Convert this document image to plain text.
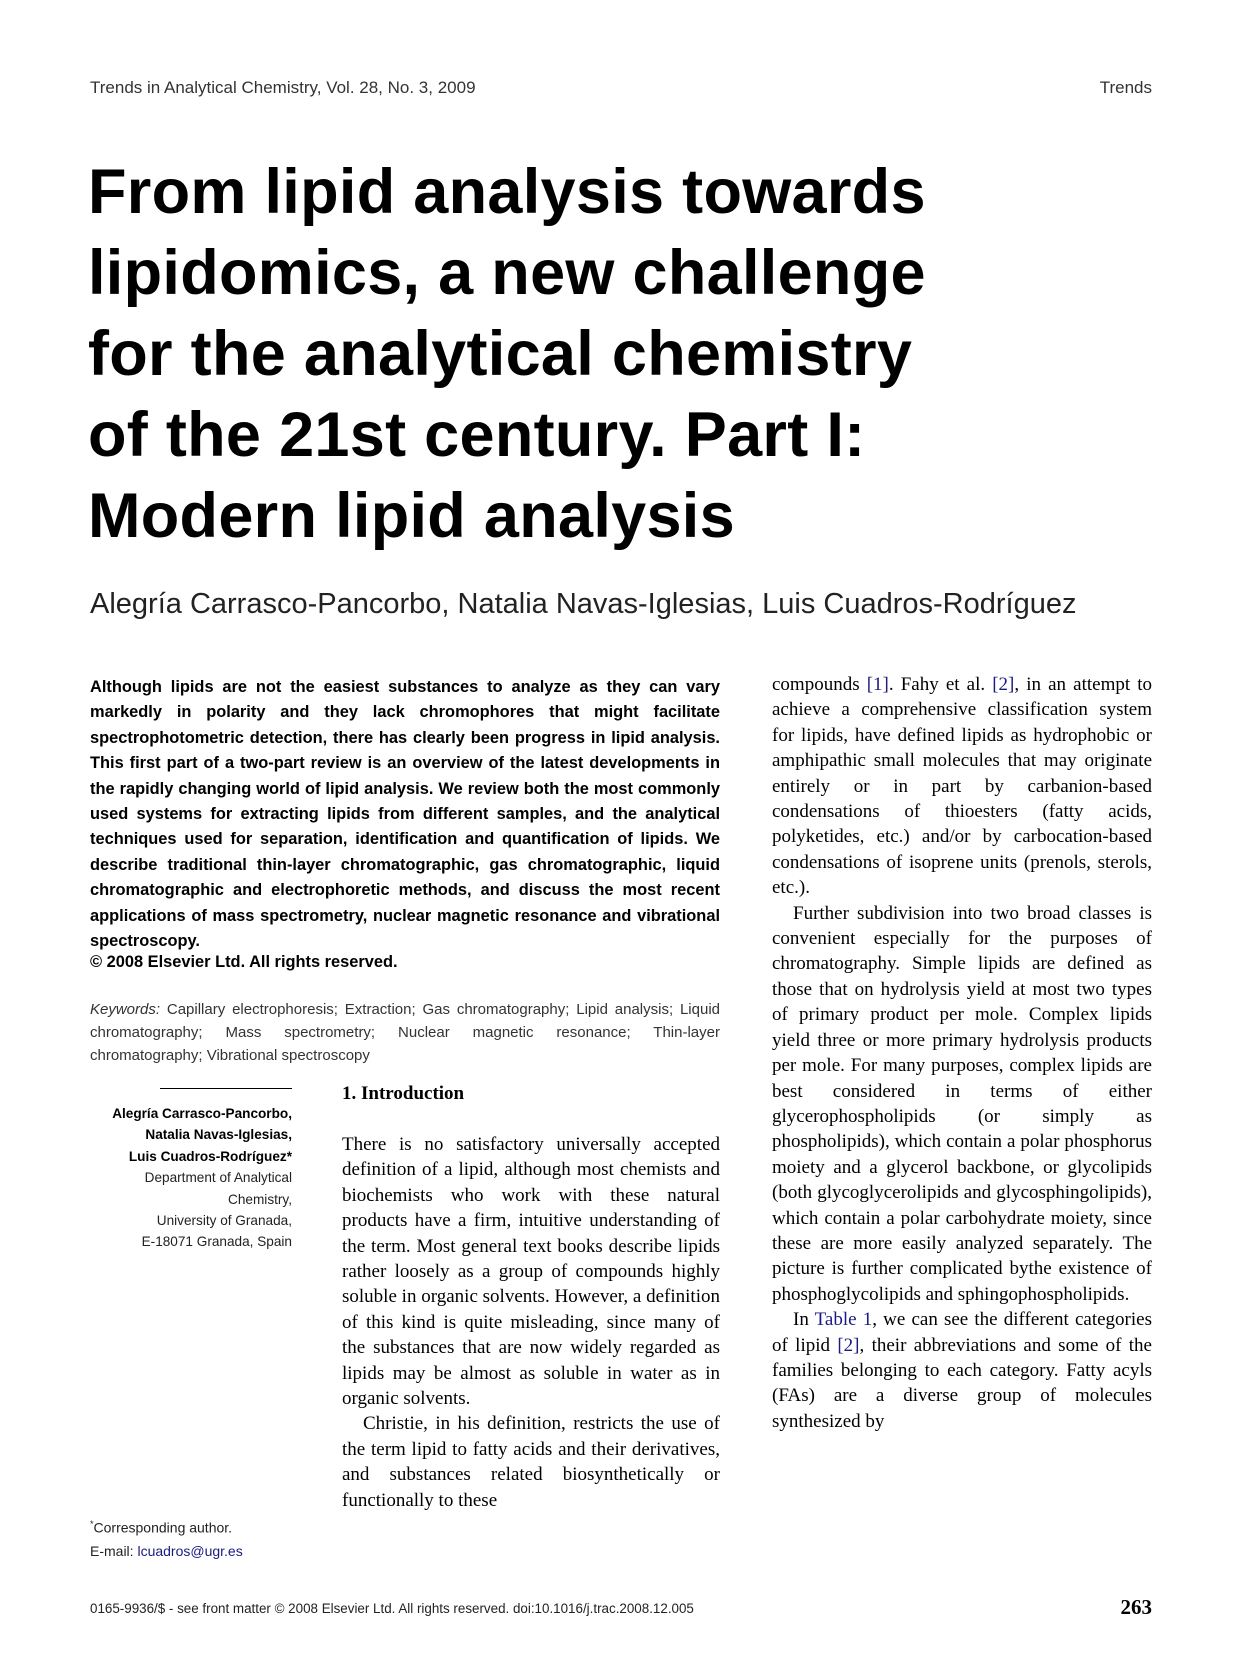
Trends in Analytical Chemistry, Vol. 28, No. 3, 2009	Trends
From lipid analysis towards lipidomics, a new challenge for the analytical chemistry of the 21st century. Part I: Modern lipid analysis

Alegría Carrasco-Pancorbo, Natalia Navas-Iglesias, Luis Cuadros-Rodríguez

Although lipids are not the easiest substances to analyze as they can vary markedly in polarity and they lack chromophores that might facilitate spectrophotometric detection, there has clearly been progress in lipid analysis. This first part of a two-part review is an overview of the latest developments in the rapidly changing world of lipid analysis. We review both the most commonly used systems for extracting lipids from different samples, and the analytical techniques used for separation, identification and quantification of lipids. We describe traditional thin-layer chromatographic, gas chromatographic, liquid chromatographic and electrophoretic methods, and discuss the most recent applications of mass spectrometry, nuclear magnetic resonance and vibrational spectroscopy.

© 2008 Elsevier Ltd. All rights reserved.

Keywords: Capillary electrophoresis; Extraction; Gas chromatography; Lipid analysis; Liquid chromatography; Mass spectrometry; Nuclear magnetic resonance; Thin-layer chromatography; Vibrational spectroscopy

Alegría Carrasco-Pancorbo,
Natalia Navas-Iglesias,
Luis Cuadros-Rodríguez*
Department of Analytical
Chemistry,
University of Granada,
E-18071 Granada, Spain
*Corresponding author.
E-mail: lcuadros@ugr.es
1. Introduction

There is no satisfactory universally accepted definition of a lipid, although most chemists and biochemists who work with these natural products have a firm, intuitive understanding of the term. Most general text books describe lipids rather loosely as a group of compounds highly soluble in organic solvents. However, a definition of this kind is quite misleading, since many of the substances that are now widely regarded as lipids may be almost as soluble in water as in organic solvents.

Christie, in his definition, restricts the use of the term lipid to fatty acids and their derivatives, and substances related biosynthetically or functionally to these

compounds [1]. Fahy et al. [2], in an attempt to achieve a comprehensive classification system for lipids, have defined lipids as hydrophobic or amphipathic small molecules that may originate entirely or in part by carbanion-based condensations of thioesters (fatty acids, polyketides, etc.) and/or by carbocation-based condensations of isoprene units (prenols, sterols, etc.).

Further subdivision into two broad classes is convenient especially for the purposes of chromatography. Simple lipids are defined as those that on hydrolysis yield at most two types of primary product per mole. Complex lipids yield three or more primary hydrolysis products per mole. For many purposes, complex lipids are best considered in terms of either glycerophospholipids (or simply as phospholipids), which contain a polar phosphorus moiety and a glycerol backbone, or glycolipids (both glycoglycerolipids and glycosphingolipids), which contain a polar carbohydrate moiety, since these are more easily analyzed separately. The picture is further complicated bythe existence of phosphoglycolipids and sphingophospholipids.

In Table 1, we can see the different categories of lipid [2], their abbreviations and some of the families belonging to each category. Fatty acyls (FAs) are a diverse group of molecules synthesized by

0165-9936/$ - see front matter © 2008 Elsevier Ltd. All rights reserved. doi:10.1016/j.trac.2008.12.005	263
